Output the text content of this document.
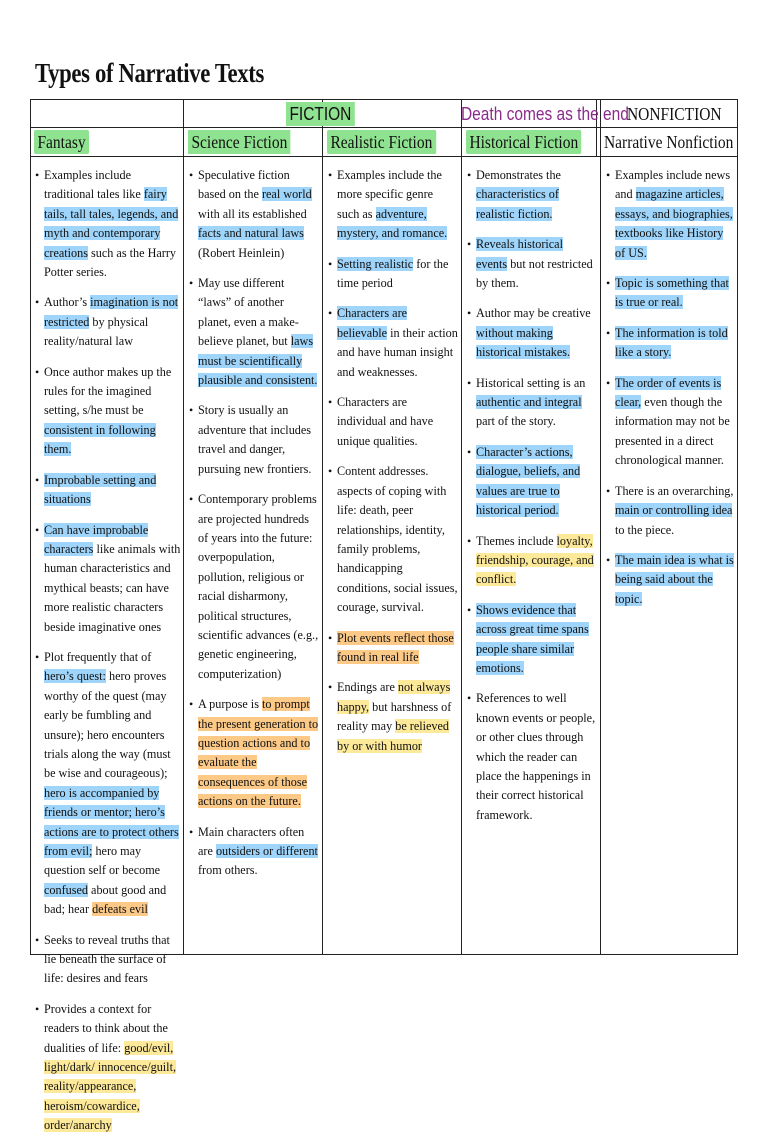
Types of Narrative Texts
FICTION	Death comes as the end
NONFICTION
Fantasy	Science Fiction Realistic Fiction Historical Fiction Narrative Nonfiction
• Examples include traditional tales like fairy tails, tall tales, legends, and myth and contemporary creations such as the Harry Potter series.
• Author’s imagination is not restricted by physical reality/natural law
• Once author makes up the rules for the imagined setting, s/he must be consistent in following them.
• Improbable setting and situations
• Can have improbable characters like animals with human characteristics and mythical beasts; can have more realistic characters beside imaginative ones
• Plot frequently that of hero’s quest: hero proves worthy of the quest (may early be fumbling and unsure); hero encounters trials along the way (must be wise and courageous); hero is accompanied by friends or mentor; hero’s actions are to protect others from evil; hero may question self or become confused about good and bad; hear defeats evil
• Seeks to reveal truths that lie beneath the surface of life: desires and fears
• Provides a context for readers to think about the dualities of life: good/evil, light/dark/ innocence/guilt, reality/appearance, heroism/cowardice, order/anarchy
• Speculative fiction based on the real world with all its established facts and natural laws (Robert Heinlein)
• May use different “laws” of another planet, even a make-believe planet, but laws must be scientifically plausible and consistent.
• Story is usually an adventure that includes travel and danger, pursuing new frontiers.
• Contemporary problems are projected hundreds of years into the future: overpopulation, pollution, religious or racial disharmony, political structures, scientific advances (e.g., genetic engineering, computerization)
• A purpose is to prompt the present generation to question actions and to evaluate the consequences of those actions on the future.
• Main characters often are outsiders or different from others.
• Examples include the more specific genre such as adventure, mystery, and romance.
• Setting realistic for the time period
• Characters are believable in their action and have human insight and weaknesses.
• Characters are individual and have unique qualities.
• Content addresses. aspects of coping with life: death, peer relationships, identity, family problems, handicapping conditions, social issues, courage, survival.
• Plot events reflect those found in real life
• Endings are not always happy, but harshness of reality may be relieved by or with humor
• Demonstrates the characteristics of realistic fiction.
• Reveals historical events but not restricted by them.
• Author may be creative without making historical mistakes.
• Historical setting is an authentic and integral part of the story.
• Character’s actions, dialogue, beliefs, and values are true to historical period.
• Themes include loyalty, friendship, courage, and conflict.
• Shows evidence that across great time spans people share similar emotions.
• References to well known events or people, or other clues through which the reader can place the happenings in their correct historical framework.
• Examples include news and magazine articles, essays, and biographies, textbooks like History of US.
• Topic is something that is true or real.
• The information is told like a story.
• The order of events is clear, even though the information may not be presented in a direct chronological manner.
• There is an overarching, main or controlling idea to the piece.
• The main idea is what is being said about the topic.
